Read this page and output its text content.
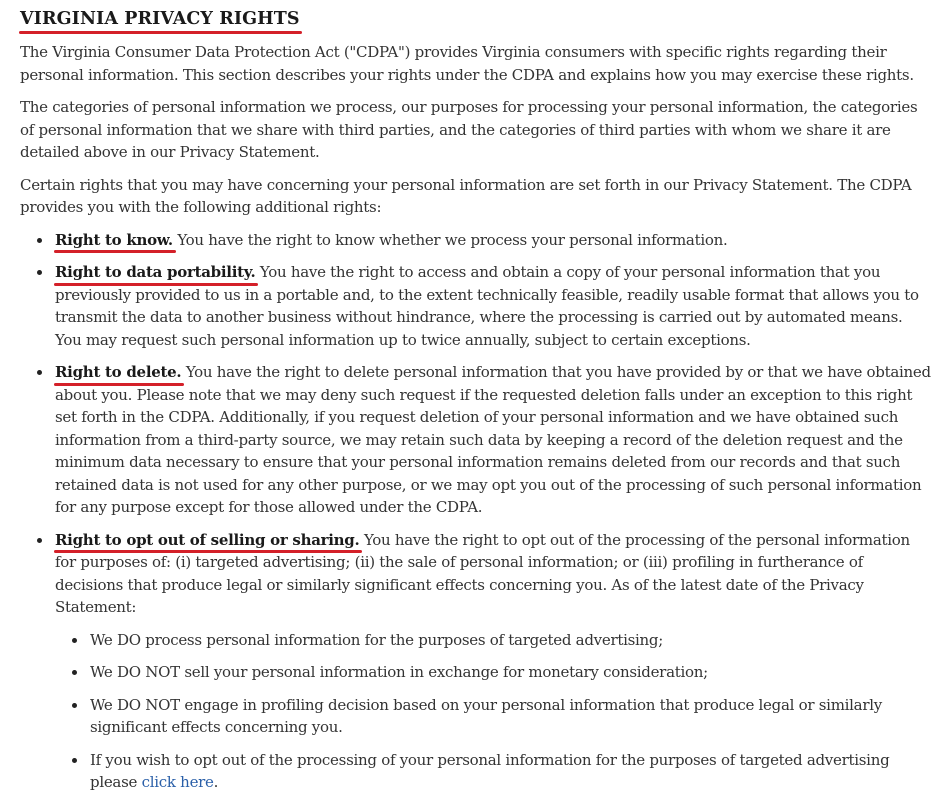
VIRGINIA PRIVACY RIGHTS

The Virginia Consumer Data Protection Act ("CDPA") provides Virginia consumers with specific rights regarding their personal information. This section describes your rights under the CDPA and explains how you may exercise these rights.

The categories of personal information we process, our purposes for processing your personal information, the categories of personal information that we share with third parties, and the categories of third parties with whom we share it are detailed above in our Privacy Statement.

Certain rights that you may have concerning your personal information are set forth in our Privacy Statement. The CDPA provides you with the following additional rights:

Right to know.
You have the right to know whether we process your personal information.
Right to data portability.
You have the right to access and obtain a copy of your personal information that you previously provided to us in a portable and, to the extent technically feasible, readily usable format that allows you to transmit the data to another business without hindrance, where the processing is carried out by automated means. You may request such personal information up to twice annually, subject to certain exceptions.
Right to delete.
You have the right to delete personal information that you have provided by or that we have obtained about you. Please note that we may deny such request if the requested deletion falls under an exception to this right set forth in the CDPA. Additionally, if you request deletion of your personal information and we have obtained such information from a third-party source, we may retain such data by keeping a record of the deletion request and the minimum data necessary to ensure that your personal information remains deleted from our records and that such retained data is not used for any other purpose, or we may opt you out of the processing of such personal information for any purpose except for those allowed under the CDPA.
Right to opt out of selling or sharing.
You have the right to opt out of the processing of the personal information for purposes of: (i) targeted advertising; (ii) the sale of personal information; or (iii) profiling in furtherance of decisions that produce legal or similarly significant effects concerning you. As of the latest date of the Privacy Statement:
We DO process personal information for the purposes of targeted advertising;
We DO NOT sell your personal information in exchange for monetary consideration;
We DO NOT engage in profiling decision based on your personal information that produce legal or similarly significant effects concerning you.
If you wish to opt out of the processing of your personal information for the purposes of targeted advertising please click here.
